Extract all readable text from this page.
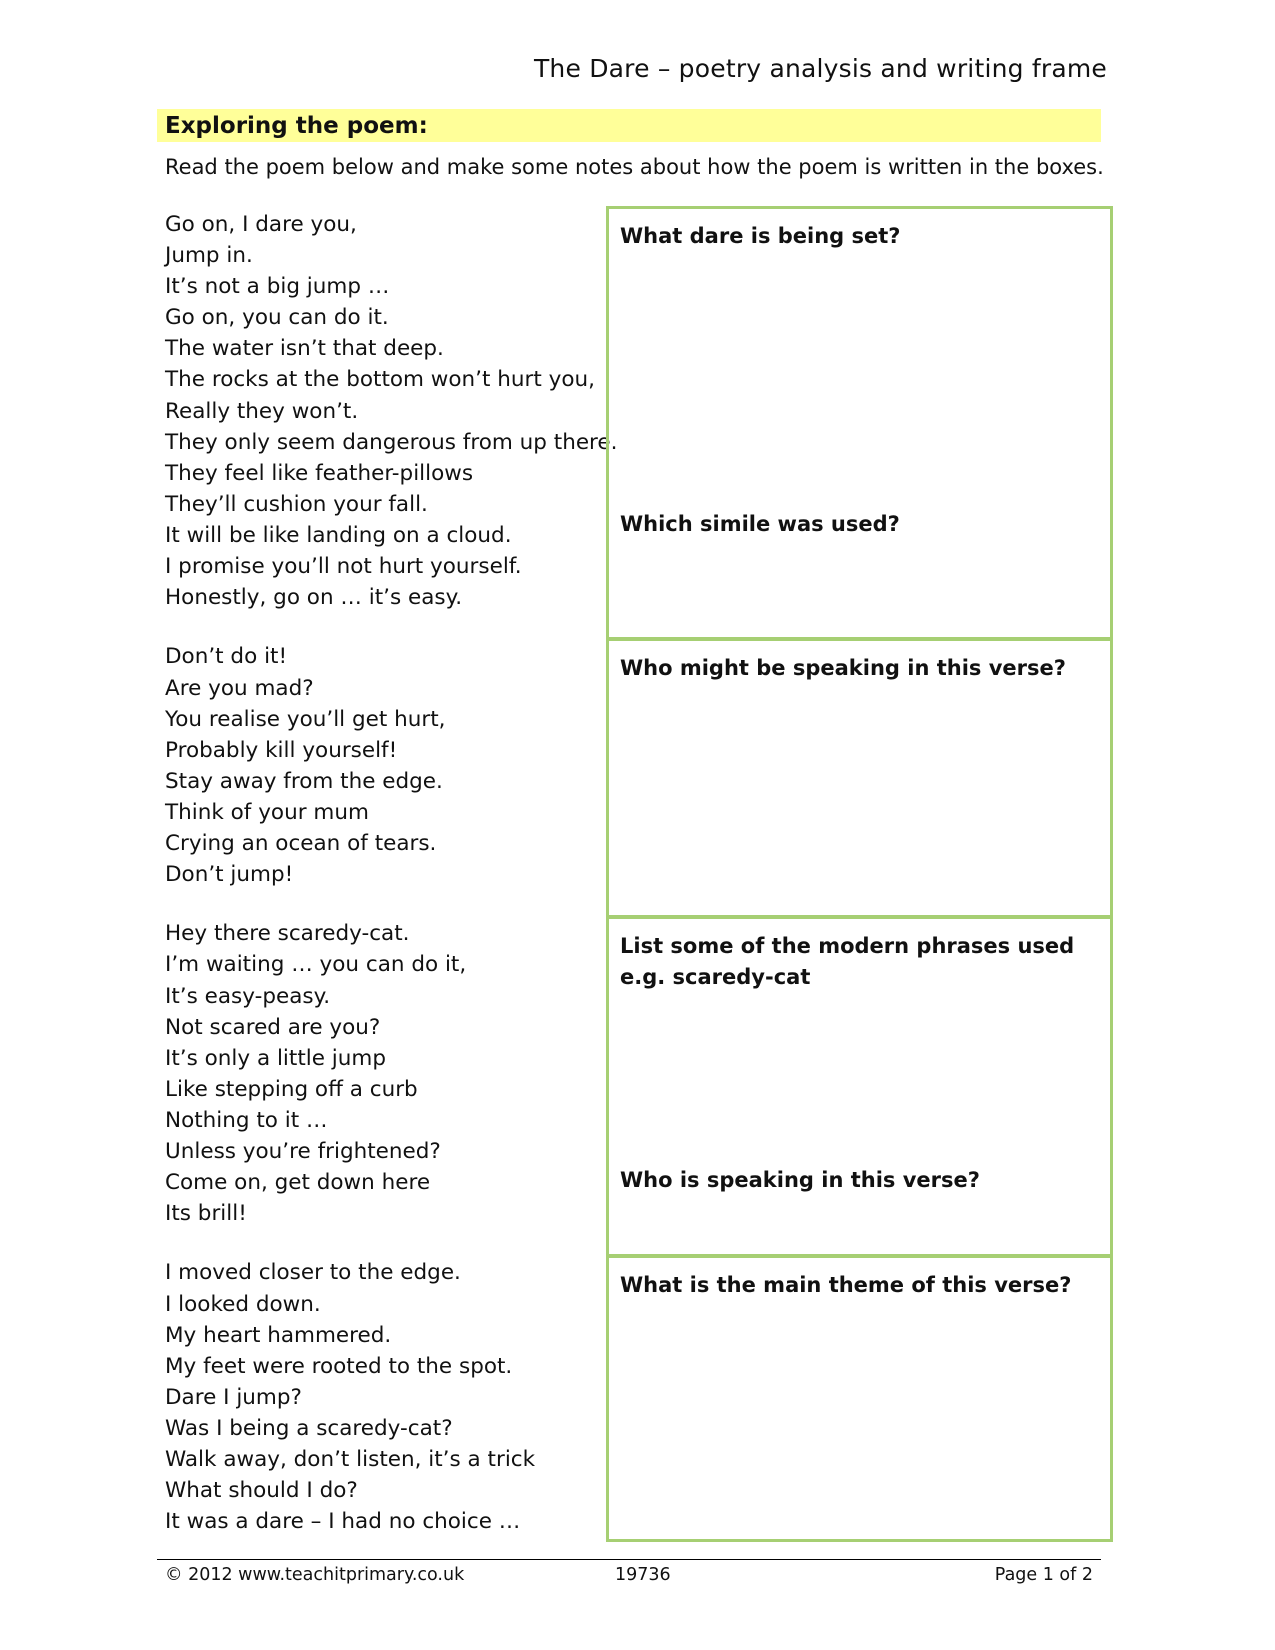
The Dare – poetry analysis and writing frame
Exploring the poem:
Read the poem below and make some notes about how the poem is written in the boxes.
Go on, I dare you,
Jump in.
It’s not a big jump …
Go on, you can do it.
The water isn’t that deep.
The rocks at the bottom won’t hurt you,
Really they won’t.
They only seem dangerous from up there.
They feel like feather-pillows
They’ll cushion your fall.
It will be like landing on a cloud.
I promise you’ll not hurt yourself.
Honestly, go on … it’s easy.
Don’t do it!
Are you mad?
You realise you’ll get hurt,
Probably kill yourself!
Stay away from the edge.
Think of your mum
Crying an ocean of tears.
Don’t jump!
Hey there scaredy-cat.
I’m waiting … you can do it,
It’s easy-peasy.
Not scared are you?
It’s only a little jump
Like stepping off a curb
Nothing to it …
Unless you’re frightened?
Come on, get down here
Its brill!
I moved closer to the edge.
I looked down.
My heart hammered.
My feet were rooted to the spot.
Dare I jump?
Was I being a scaredy-cat?
Walk away, don’t listen, it’s a trick
What should I do?
It was a dare – I had no choice …
What dare is being set?
Which simile was used?
Who might be speaking in this verse?
List some of the modern phrases used e.g. scaredy-cat
Who is speaking in this verse?
What is the main theme of this verse?
© 2012 www.teachitprimary.co.uk	19736	Page 1 of 2
